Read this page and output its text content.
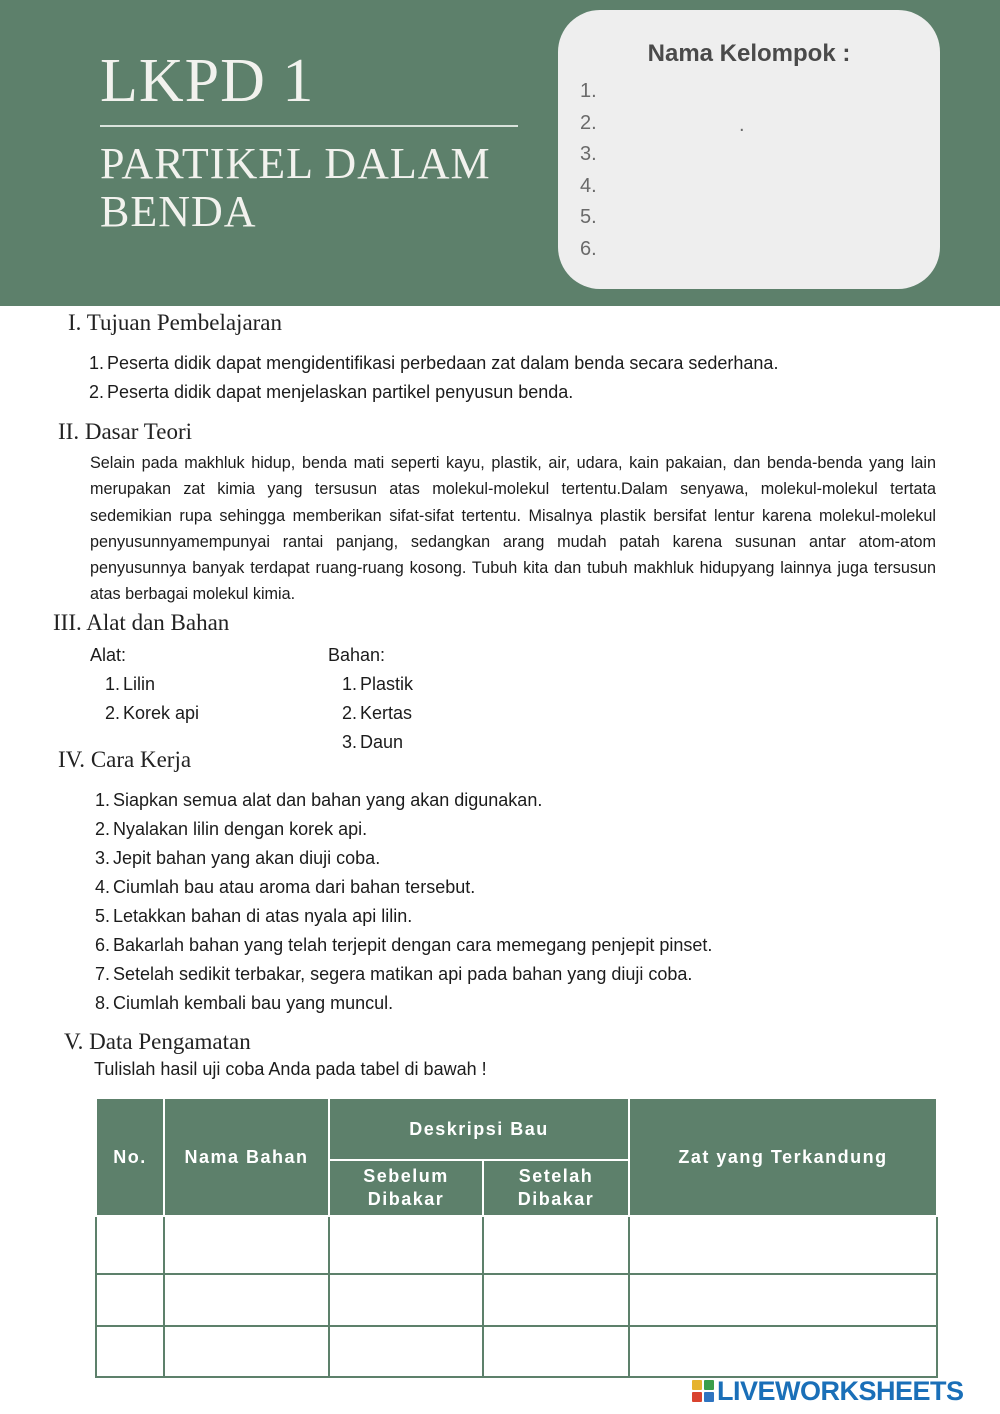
LKPD 1
PARTIKEL DALAM BENDA
Nama Kelompok :
1.
2.
3.
4.
5.
6.
.
I. Tujuan Pembelajaran
1. Peserta didik dapat mengidentifikasi perbedaan zat dalam benda secara sederhana.
2. Peserta didik dapat menjelaskan partikel penyusun benda.
II. Dasar Teori

Selain pada makhluk hidup, benda mati seperti kayu, plastik, air, udara, kain pakaian, dan benda-benda yang lain merupakan zat kimia yang tersusun atas molekul-molekul tertentu.Dalam senyawa, molekul-molekul tertata sedemikian rupa sehingga memberikan sifat-sifat tertentu. Misalnya plastik bersifat lentur karena molekul-molekul penyusunnyamempunyai rantai panjang, sedangkan arang mudah patah karena susunan antar atom-atom penyusunnya banyak terdapat ruang-ruang kosong. Tubuh kita dan tubuh makhluk hidupyang lainnya juga tersusun atas berbagai molekul kimia.

III. Alat dan Bahan
Alat:
1. Lilin
2. Korek api
Bahan:
1. Plastik
2. Kertas
3. Daun
IV. Cara Kerja
1. Siapkan semua alat dan bahan yang akan digunakan.
2. Nyalakan lilin dengan korek api.
3. Jepit bahan yang akan diuji coba.
4. Ciumlah bau atau aroma dari bahan tersebut.
5. Letakkan bahan di atas nyala api lilin.
6. Bakarlah bahan yang telah terjepit dengan cara memegang penjepit pinset.
7. Setelah sedikit terbakar, segera matikan api pada bahan yang diuji coba.
8. Ciumlah kembali bau yang muncul.
V. Data Pengamatan
Tulislah hasil uji coba Anda pada tabel di bawah !
No.	Nama Bahan	Deskripsi Bau		Zat yang Terkandung
		Sebelum Dibakar	Setelah Dibakar	

LIVEWORKSHEETS
